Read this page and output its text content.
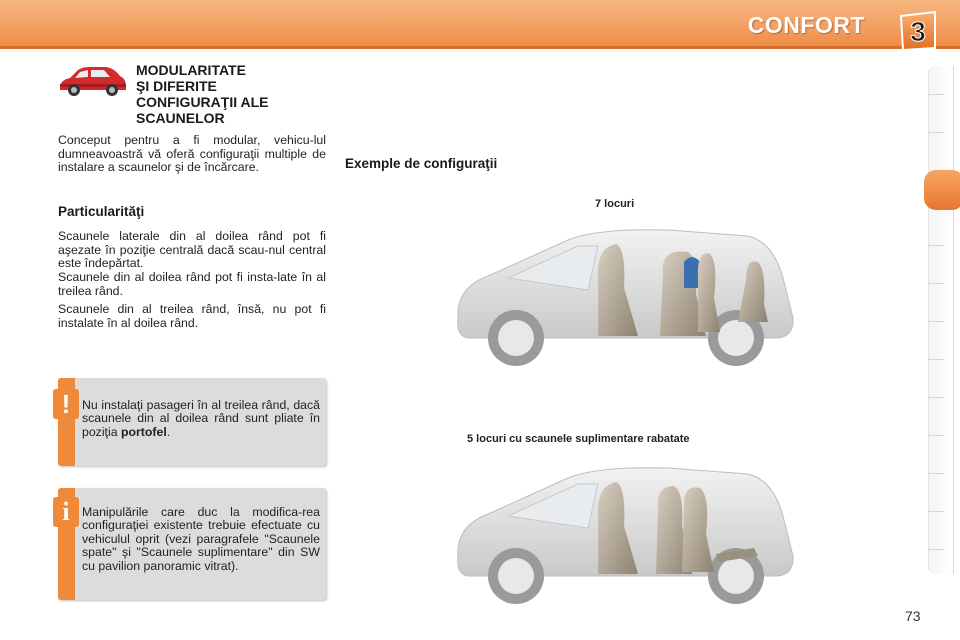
CONFORT 3
MODULARITATE
ŞI DIFERITE
CONFIGURAŢII ALE
SCAUNELOR
Conceput pentru a fi modular, vehicu-lul dumneavoastră vă oferă configuraţii multiple de instalare a scaunelor şi de încărcare.
Particularităţi
Scaunele laterale din al doilea rând pot fi aşezate în poziţie centrală dacă scau-nul central este îndepărtat.
Scaunele din al doilea rând pot fi insta-late în al treilea rând.
Scaunele din al treilea rând, însă, nu pot fi instalate în al doilea rând.
Nu instalaţi pasageri în al treilea rând, dacă scaunele din al doilea rând sunt pliate în poziţia portofel.
!
Manipulările care duc la modifica-rea configuraţiei existente trebuie efectuate cu vehiculul oprit (vezi paragrafele "Scaunele spate" şi "Scaunele suplimentare" din SW cu pavilion panoramic vitrat).
i
Exemple de configuraţii
7 locuri
5 locuri cu scaunele suplimentare rabatate
73
